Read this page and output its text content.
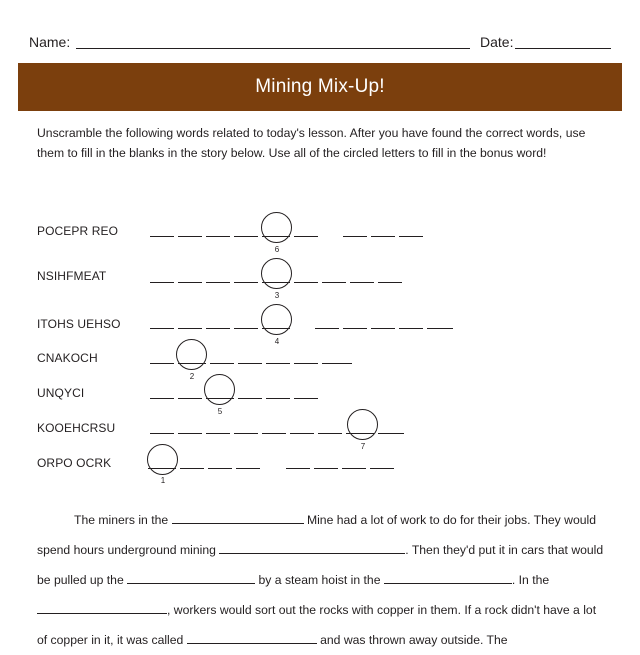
Name:	Date:
Mining Mix-Up!

Unscramble the following words related to today's lesson. After you have found the correct words, use them to fill in the blanks in the story below. Use all of the circled letters to fill in the bonus word!

POCEPR REO
6
NSIHFMEAT
3
ITOHS UEHSO
4
CNAKOCH
2
UNQYCI
5
KOOEHCRSU
7
ORPO OCRK
1

The miners in the	Mine had a lot of work to do for their jobs. They would spend hours underground mining	. Then they'd put it in cars that would be pulled up the	by a steam hoist in the	. In the , workers would sort out the rocks with copper in them. If a rock didn't have a lot of copper in it, it was called	and was thrown away outside. The
